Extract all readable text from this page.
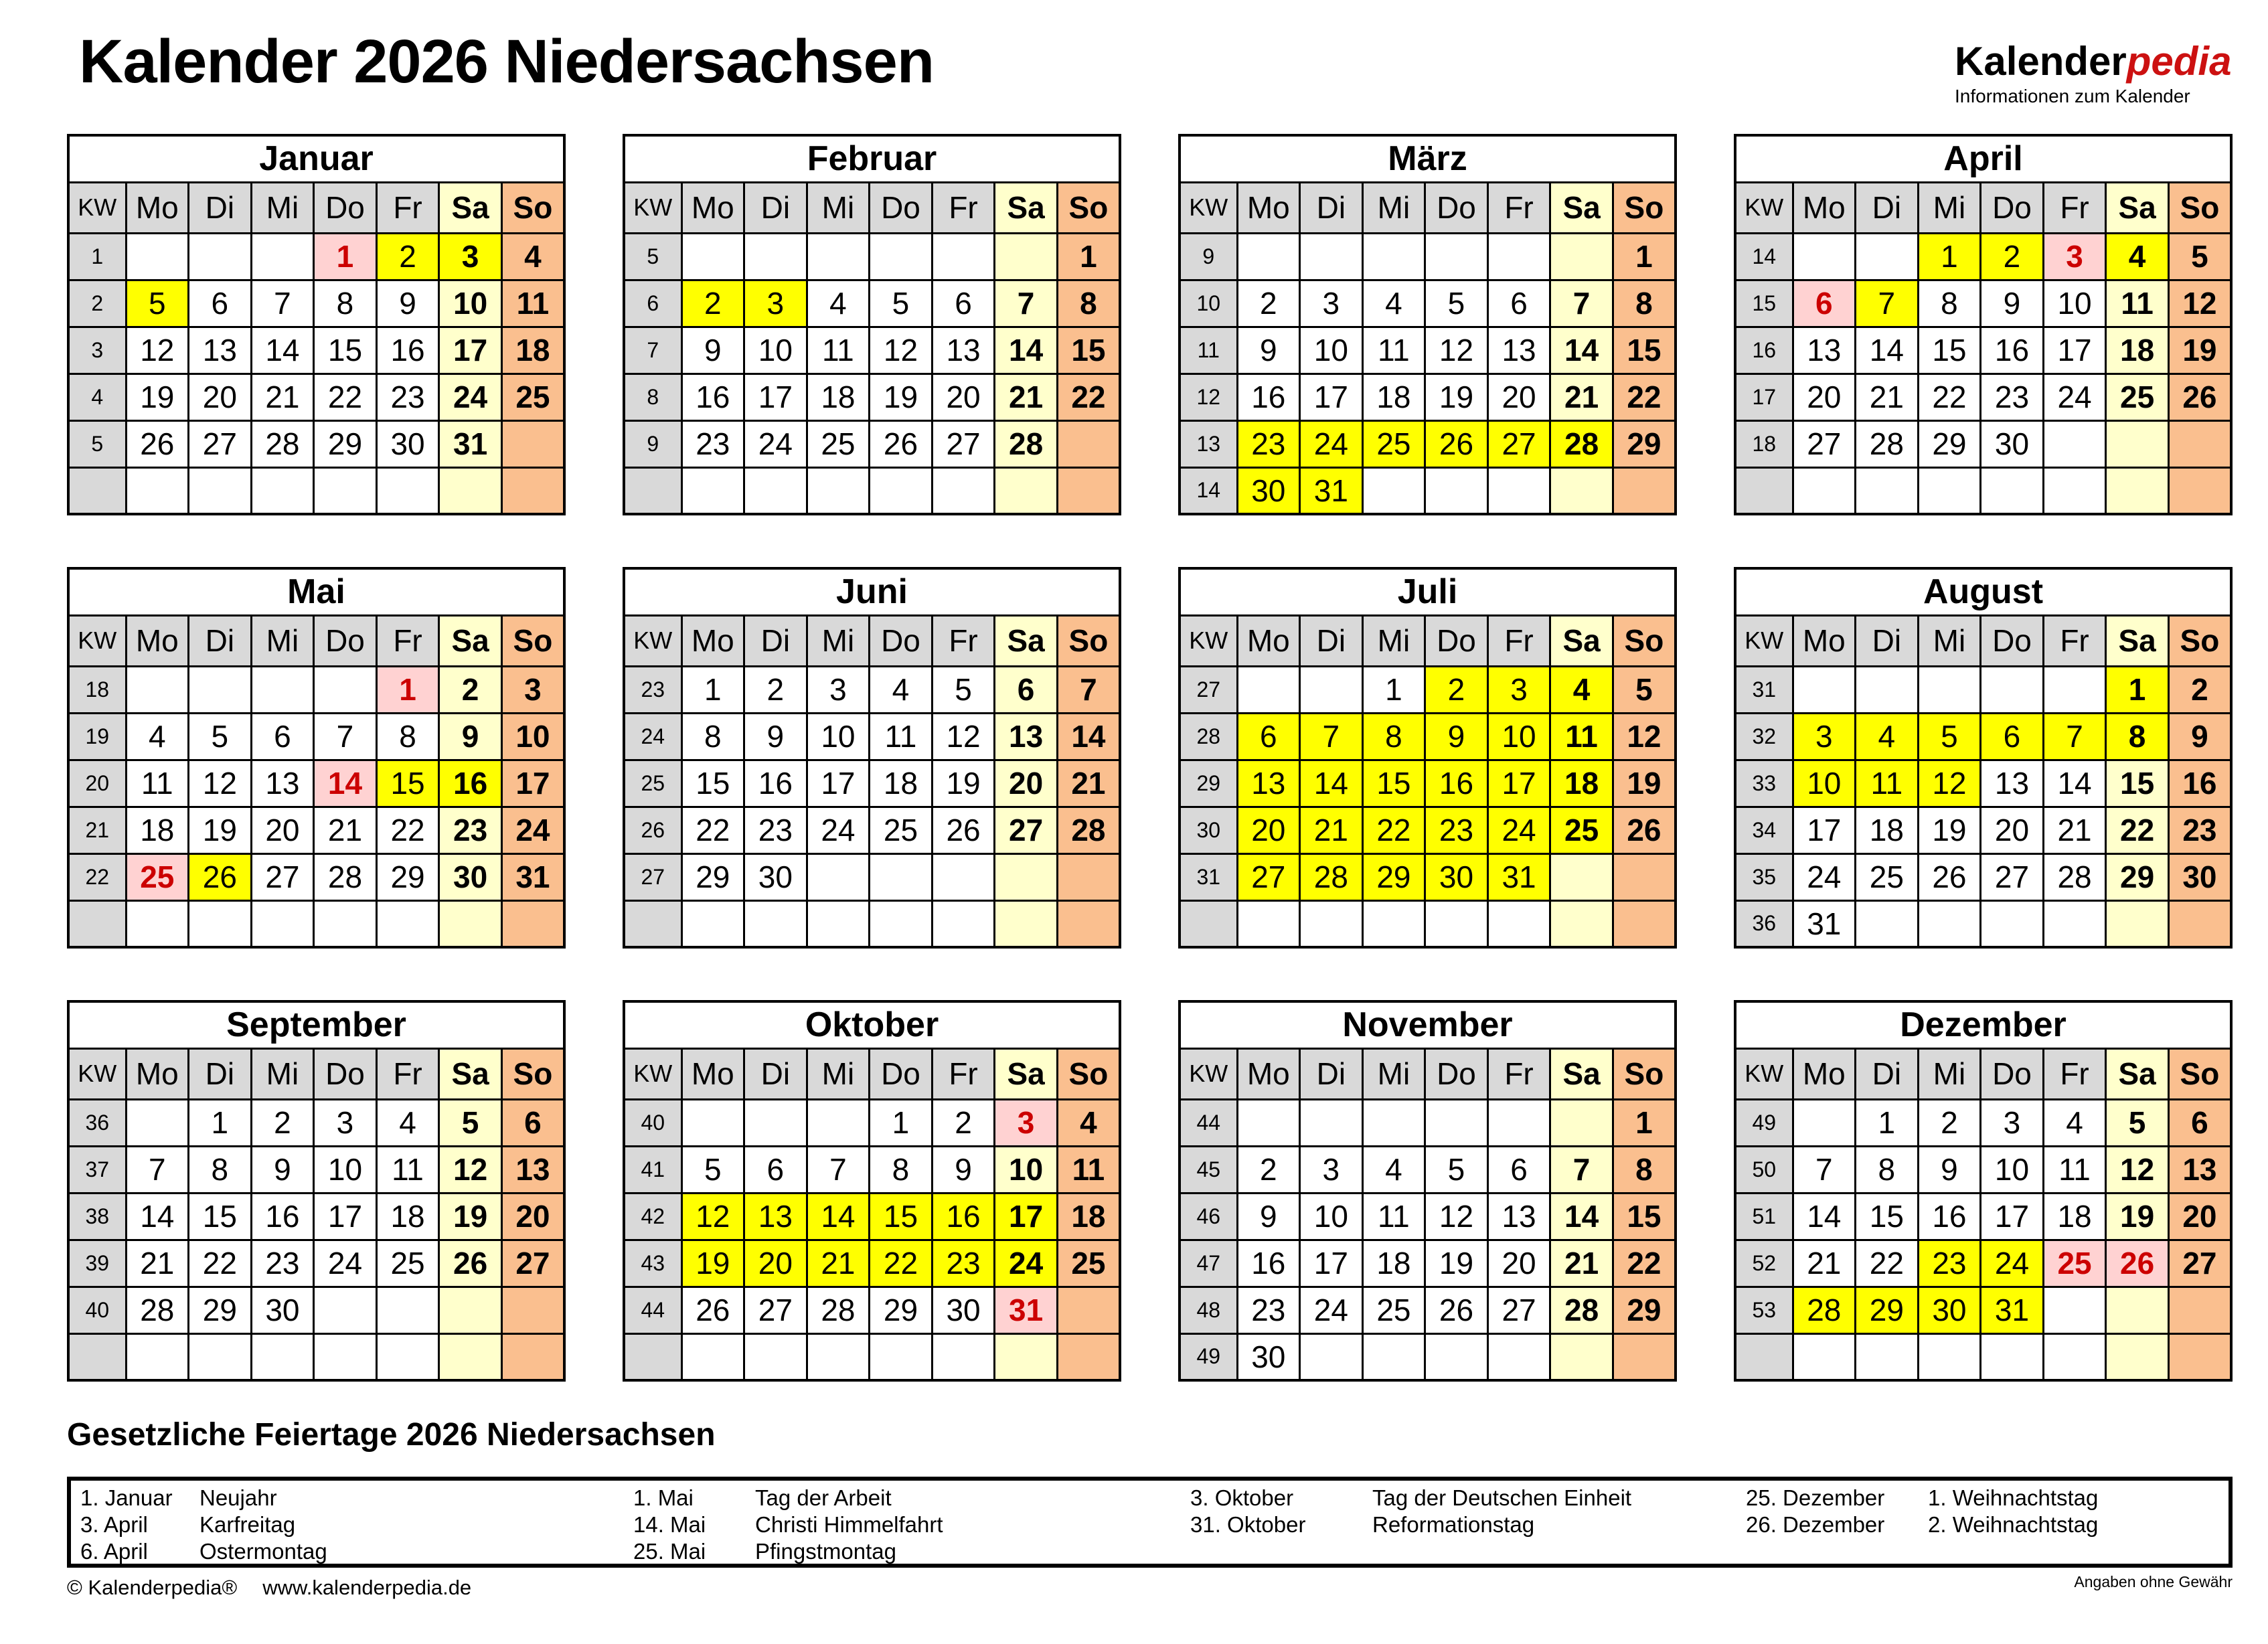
Kalender 2026 Niedersachsen	Kalenderpedia
Informationen zum Kalender
Januar							
KW	Mo	Di	Mi	Do	Fr	Sa	So
1				1	2	3	4
2	5	6	7	8	9	10	11
3	12	13	14	15	16	17	18
4	19	20	21	22	23	24	25
5	26	27	28	29	30	31	

Februar							
KW	Mo	Di	Mi	Do	Fr	Sa	So
5							1
6	2	3	4	5	6	7	8
7	9	10	11	12	13	14	15
8	16	17	18	19	20	21	22
9	23	24	25	26	27	28	

März							
KW	Mo	Di	Mi	Do	Fr	Sa	So
9							1
10	2	3	4	5	6	7	8
11	9	10	11	12	13	14	15
12	16	17	18	19	20	21	22
13	23	24	25	26	27	28	29
14	30	31					
April							
KW	Mo	Di	Mi	Do	Fr	Sa	So
14			1	2	3	4	5
15	6	7	8	9	10	11	12
16	13	14	15	16	17	18	19
17	20	21	22	23	24	25	26
18	27	28	29	30			

Mai							
KW	Mo	Di	Mi	Do	Fr	Sa	So
18					1	2	3
19	4	5	6	7	8	9	10
20	11	12	13	14	15	16	17
21	18	19	20	21	22	23	24
22	25	26	27	28	29	30	31

Juni							
KW	Mo	Di	Mi	Do	Fr	Sa	So
23	1	2	3	4	5	6	7
24	8	9	10	11	12	13	14
25	15	16	17	18	19	20	21
26	22	23	24	25	26	27	28
27	29	30					

Juli							
KW	Mo	Di	Mi	Do	Fr	Sa	So
27			1	2	3	4	5
28	6	7	8	9	10	11	12
29	13	14	15	16	17	18	19
30	20	21	22	23	24	25	26
31	27	28	29	30	31		

August							
KW	Mo	Di	Mi	Do	Fr	Sa	So
31						1	2
32	3	4	5	6	7	8	9
33	10	11	12	13	14	15	16
34	17	18	19	20	21	22	23
35	24	25	26	27	28	29	30
36	31						
September							
KW	Mo	Di	Mi	Do	Fr	Sa	So
36		1	2	3	4	5	6
37	7	8	9	10	11	12	13
38	14	15	16	17	18	19	20
39	21	22	23	24	25	26	27
40	28	29	30				

Oktober							
KW	Mo	Di	Mi	Do	Fr	Sa	So
40				1	2	3	4
41	5	6	7	8	9	10	11
42	12	13	14	15	16	17	18
43	19	20	21	22	23	24	25
44	26	27	28	29	30	31	

November							
KW	Mo	Di	Mi	Do	Fr	Sa	So
44							1
45	2	3	4	5	6	7	8
46	9	10	11	12	13	14	15
47	16	17	18	19	20	21	22
48	23	24	25	26	27	28	29
49	30						
Dezember							
KW	Mo	Di	Mi	Do	Fr	Sa	So
49		1	2	3	4	5	6
50	7	8	9	10	11	12	13
51	14	15	16	17	18	19	20
52	21	22	23	24	25	26	27
53	28	29	30	31			

Gesetzliche Feiertage 2026 Niedersachsen
1. Januar	Neujahr
3. April	Karfreitag
6. April	Ostermontag
1. Mai	Tag der Arbeit
14. Mai	Christi Himmelfahrt
25. Mai	Pfingstmontag
3. Oktober	Tag der Deutschen Einheit
31. Oktober	Reformationstag
25. Dezember	1. Weihnachtstag
26. Dezember	2. Weihnachtstag
© Kalenderpedia® www.kalenderpedia.de	Angaben ohne Gewähr
